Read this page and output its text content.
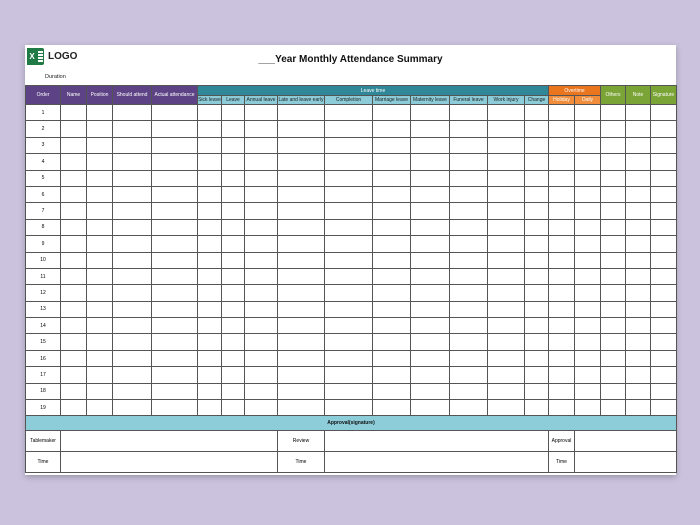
X LOGO	___Year Monthly Attendance Summary
Duration
Order	Name	Position	Should attend	Actual attendance	Leave time										Overtime		Others	Note	Signature
					Sick leave	Leave	Annual leave	Late and leave early	Completion	Marriage leave	Maternity leave	Funeral leave	Work injury	Change	Holiday	Daily			
1																			
2																			
3																			
4																			
5																			
6																			
7																			
8																			
9																			
10																			
11																			
12																			
13																			
14																			
15																			
16																			
17																			
18																			
19																			
Approval(signature)																			
Tablemaker								Review							Approval				
Time								Time							Time				
